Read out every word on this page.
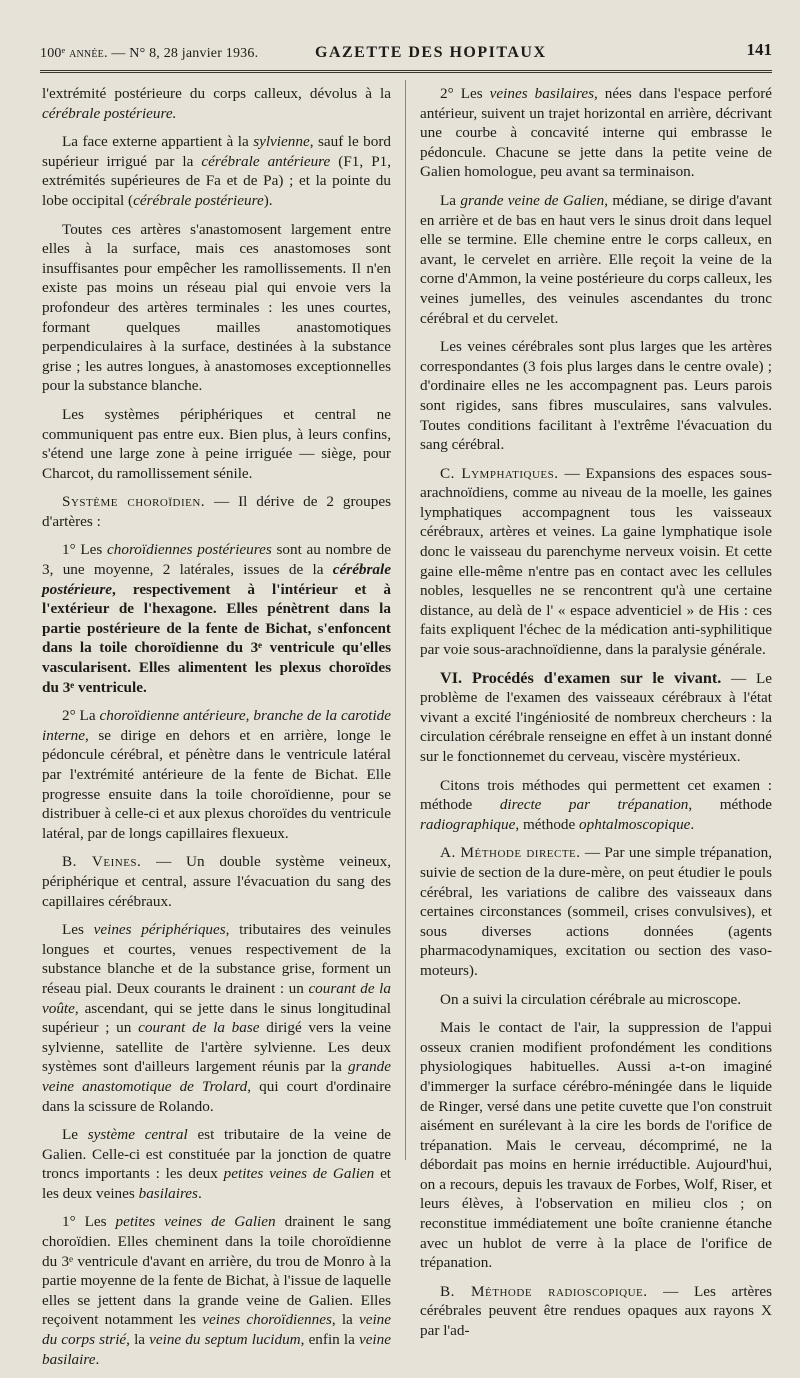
100ᵉ année. — N° 8, 28 janvier 1936.	GAZETTE DES HOPITAUX	141

l'extrémité postérieure du corps calleux, dévolus à la cérébrale postérieure.

La face externe appartient à la sylvienne, sauf le bord supérieur irrigué par la cérébrale antérieure (F1, P1, extrémités supérieures de Fa et de Pa) ; et la pointe du lobe occipital (cérébrale postérieure).

Toutes ces artères s'anastomosent largement entre elles à la surface, mais ces anastomoses sont insuffisantes pour empêcher les ramollissements. Il n'en existe pas moins un réseau pial qui envoie vers la profondeur des artères terminales : les unes courtes, formant quelques mailles anastomotiques perpendiculaires à la surface, destinées à la substance grise ; les autres longues, à anastomoses exceptionnelles pour la substance blanche.

Les systèmes périphériques et central ne communiquent pas entre eux. Bien plus, à leurs confins, s'étend une large zone à peine irriguée — siège, pour Charcot, du ramollissement sénile.

Système choroïdien. — Il dérive de 2 groupes d'artères :

1° Les choroïdiennes postérieures sont au nombre de 3, une moyenne, 2 latérales, issues de la cérébrale postérieure, respectivement à l'intérieur et à l'extérieur de l'hexagone. Elles pénètrent dans la partie postérieure de la fente de Bichat, s'enfoncent dans la toile choroïdienne du 3ᵉ ventricule qu'elles vascularisent. Elles alimentent les plexus choroïdes du 3ᵉ ventricule.

2° La choroïdienne antérieure, branche de la carotide interne, se dirige en dehors et en arrière, longe le pédoncule cérébral, et pénètre dans le ventricule latéral par l'extrémité antérieure de la fente de Bichat. Elle progresse ensuite dans la toile choroïdienne, pour se distribuer à celle-ci et aux plexus choroïdes du ventricule latéral, par de longs capillaires flexueux.

B. Veines. — Un double système veineux, périphérique et central, assure l'évacuation du sang des capillaires cérébraux.

Les veines périphériques, tributaires des veinules longues et courtes, venues respectivement de la substance blanche et de la substance grise, forment un réseau pial. Deux courants le drainent : un courant de la voûte, ascendant, qui se jette dans le sinus longitudinal supérieur ; un courant de la base dirigé vers la veine sylvienne, satellite de l'artère sylvienne. Les deux systèmes sont d'ailleurs largement réunis par la grande veine anastomotique de Trolard, qui court d'ordinaire dans la scissure de Rolando.

Le système central est tributaire de la veine de Galien. Celle-ci est constituée par la jonction de quatre troncs importants : les deux petites veines de Galien et les deux veines basilaires.

1° Les petites veines de Galien drainent le sang choroïdien. Elles cheminent dans la toile choroïdienne du 3ᵉ ventricule d'avant en arrière, du trou de Monro à la partie moyenne de la fente de Bichat, à l'issue de laquelle elles se jettent dans la grande veine de Galien. Elles reçoivent notamment les veines choroïdiennes, la veine du corps strié, la veine du septum lucidum, enfin la veine basilaire.

2° Les veines basilaires, nées dans l'espace perforé antérieur, suivent un trajet horizontal en arrière, décrivant une courbe à concavité interne qui embrasse le pédoncule. Chacune se jette dans la petite veine de Galien homologue, peu avant sa terminaison.

La grande veine de Galien, médiane, se dirige d'avant en arrière et de bas en haut vers le sinus droit dans lequel elle se termine. Elle chemine entre le corps calleux, en avant, le cervelet en arrière. Elle reçoit la veine de la corne d'Ammon, la veine postérieure du corps calleux, les veines jumelles, des veinules ascendantes du tronc cérébral et du cervelet.

Les veines cérébrales sont plus larges que les artères correspondantes (3 fois plus larges dans le centre ovale) ; d'ordinaire elles ne les accompagnent pas. Leurs parois sont rigides, sans fibres musculaires, sans valvules. Toutes conditions facilitant à l'extrême l'évacuation du sang cérébral.

C. Lymphatiques. — Expansions des espaces sous-arachnoïdiens, comme au niveau de la moelle, les gaines lymphatiques accompagnent tous les vaisseaux cérébraux, artères et veines. La gaine lymphatique isole donc le vaisseau du parenchyme nerveux voisin. Et cette gaine elle-même n'entre pas en contact avec les cellules nobles, lesquelles ne se rencontrent qu'à une certaine distance, au delà de l' « espace adventiciel » de His : ces faits expliquent l'échec de la médication anti-syphilitique par voie sous-arachnoïdienne, dans la paralysie générale.

VI. Procédés d'examen sur le vivant. — Le problème de l'examen des vaisseaux cérébraux à l'état vivant a excité l'ingéniosité de nombreux chercheurs : la circulation cérébrale renseigne en effet à un instant donné sur le fonctionnemet du cerveau, viscère mystérieux.

Citons trois méthodes qui permettent cet examen : méthode directe par trépanation, méthode radiographique, méthode ophtalmoscopique.

A. Méthode directe. — Par une simple trépanation, suivie de section de la dure-mère, on peut étudier le pouls cérébral, les variations de calibre des vaisseaux dans certaines circonstances (sommeil, crises convulsives), et sous diverses actions données (agents pharmacodynamiques, excitation ou section des vaso-moteurs).

On a suivi la circulation cérébrale au microscope.

Mais le contact de l'air, la suppression de l'appui osseux cranien modifient profondément les conditions physiologiques habituelles. Aussi a-t-on imaginé d'immerger la surface cérébro-méningée dans le liquide de Ringer, versé dans une petite cuvette que l'on construit aisément en surélevant à la cire les bords de l'orifice de trépanation. Mais le cerveau, décomprimé, ne la débordait pas moins en hernie irréductible. Aujourd'hui, on a recours, depuis les travaux de Forbes, Wolf, Riser, et leurs élèves, à l'observation en milieu clos ; on reconstitue immédiatement une boîte cranienne étanche avec un hublot de verre à la place de l'orifice de trépanation.

B. Méthode radioscopique. — Les artères cérébrales peuvent être rendues opaques aux rayons X par l'ad-
